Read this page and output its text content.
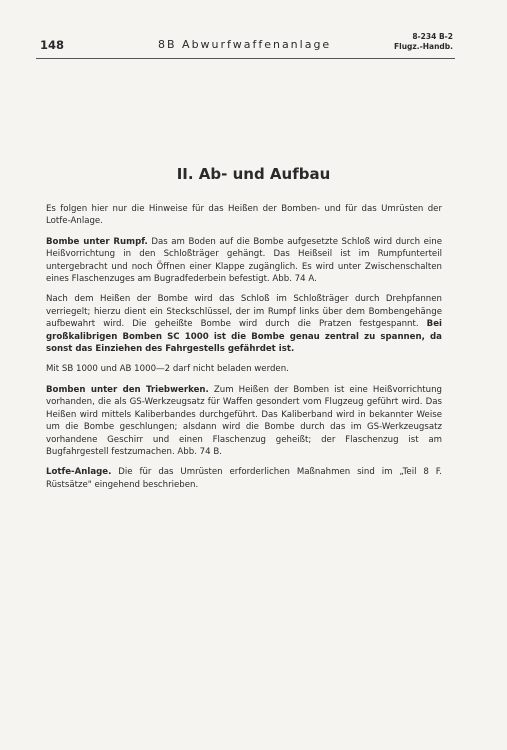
148	8B Abwurfwaffenanlage
8-234 B-2
Flugz.-Handb.
II. Ab- und Aufbau

Es folgen hier nur die Hinweise für das Heißen der Bomben- und für das Umrüsten der Lotfe-Anlage.

Bombe unter Rumpf. Das am Boden auf die Bombe aufgesetzte Schloß wird durch eine Heißvorrichtung in den Schloßträger gehängt. Das Heißseil ist im Rumpfunterteil untergebracht und noch Öffnen einer Klappe zugänglich. Es wird unter Zwischenschalten eines Flaschenzuges am Bugradfederbein befestigt. Abb. 74 A.

Nach dem Heißen der Bombe wird das Schloß im Schloßträger durch Drehpfannen verriegelt; hierzu dient ein Steckschlüssel, der im Rumpf links über dem Bombengehänge aufbewahrt wird. Die geheißte Bombe wird durch die Pratzen festgespannt. Bei großkalibrigen Bomben SC 1000 ist die Bombe genau zentral zu spannen, da sonst das Einziehen des Fahrgestells gefährdet ist.

Mit SB 1000 und AB 1000—2 darf nicht beladen werden.

Bomben unter den Triebwerken. Zum Heißen der Bomben ist eine Heißvorrichtung vorhanden, die als GS-Werkzeugsatz für Waffen gesondert vom Flugzeug geführt wird. Das Heißen wird mittels Kaliberbandes durchgeführt. Das Kaliberband wird in bekannter Weise um die Bombe geschlungen; alsdann wird die Bombe durch das im GS-Werkzeugsatz vorhandene Geschirr und einen Flaschenzug geheißt; der Flaschenzug ist am Bugfahrgestell festzumachen. Abb. 74 B.

Lotfe-Anlage. Die für das Umrüsten erforderlichen Maßnahmen sind im „Teil 8 F. Rüstsätze" eingehend beschrieben.
